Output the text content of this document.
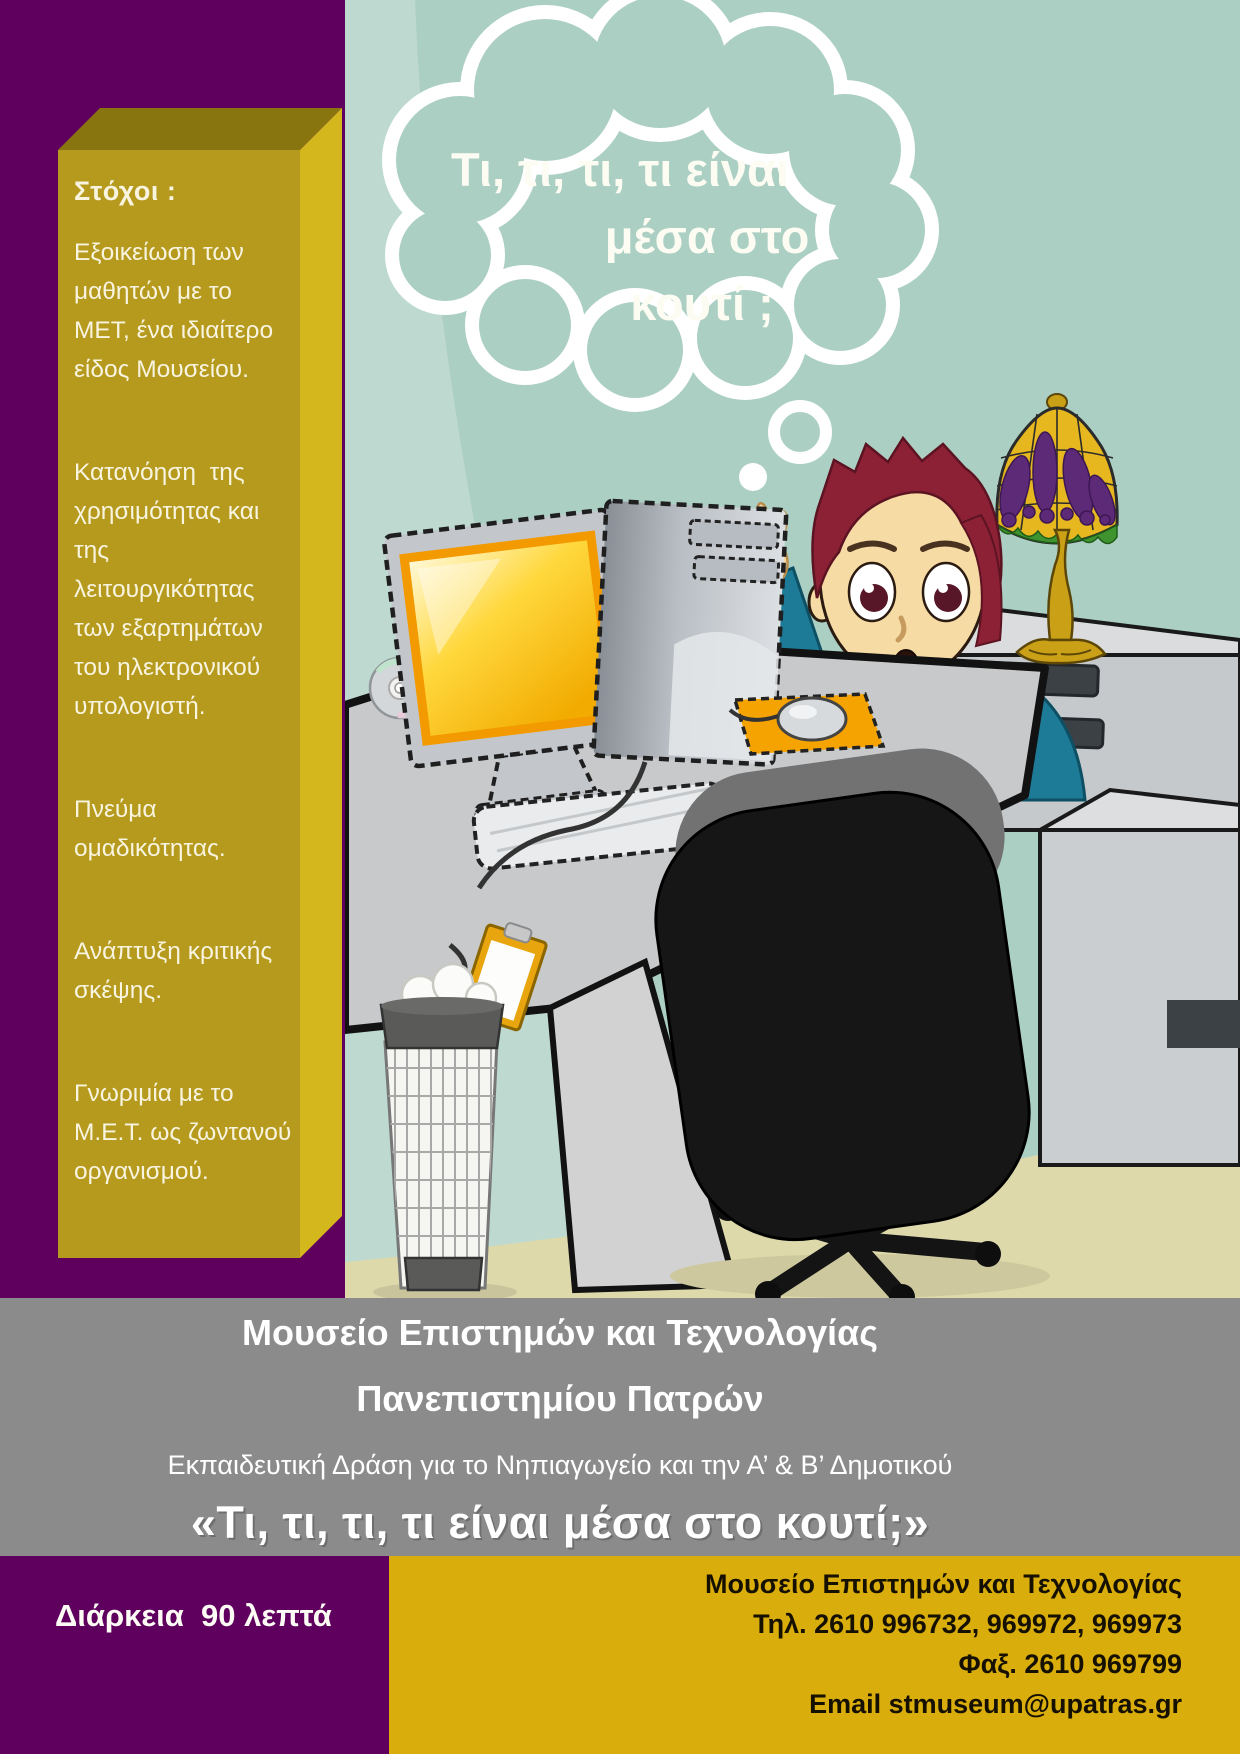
Στόχοι :

Εξοικείωση των μαθητών με το ΜΕΤ, ένα ιδιαίτερο είδος Μουσείου.

Κατανόηση  της χρησιμότητας και της λειτουργικότητας των εξαρτημάτων του ηλεκτρονικού υπολογιστή.

Πνεύμα ομαδικότητας.

Ανάπτυξη κριτικής σκέψης.

Γνωριμία με το Μ.Ε.Τ. ως ζωντανού οργανισμού.

Τι, τι, τι, τι είναι
μέσα στο
κουτί ;
Μουσείο Επιστημών και Τεχνολογίας
Πανεπιστημίου Πατρών
Εκπαιδευτική Δράση για το Νηπιαγωγείο και την Α’ & Β’ Δημοτικού
«Τι, τι, τι, τι είναι μέσα στο κουτί;»
Διάρκεια  90 λεπτά
Μουσείο Επιστημών και Τεχνολογίας
Τηλ. 2610 996732, 969972, 969973
Φαξ. 2610 969799
Email stmuseum@upatras.gr
